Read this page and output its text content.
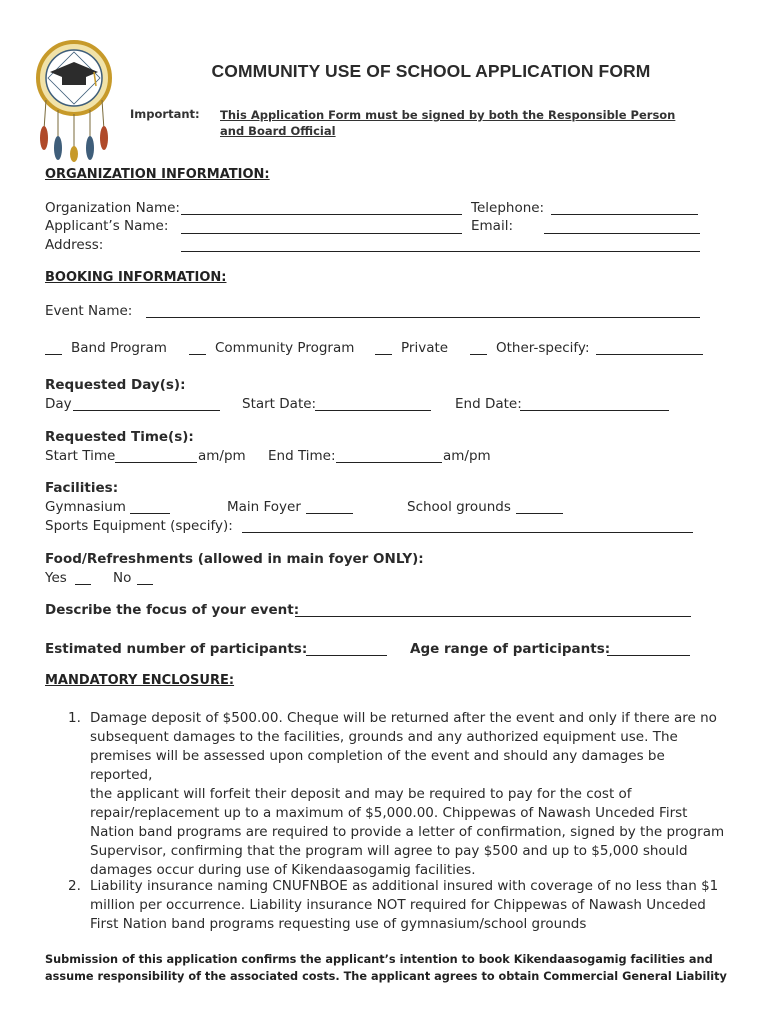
COMMUNITY USE OF SCHOOL APPLICATION FORM
Important: This Application Form must be signed by both the Responsible Person and Board Official
ORGANIZATION INFORMATION:
Organization Name:	Telephone:
Applicant’s Name:	Email:
Address:
BOOKING INFORMATION:
Event Name:
Band Program	Community Program	Private	Other-specify:
Requested Day(s):
Day	Start Date:	End Date:
Requested Time(s):
Start Time	am/pm End Time:	am/pm
Facilities:
Gymnasium	Main Foyer	School grounds
Sports Equipment (specify):
Food/Refreshments (allowed in main foyer ONLY):
Yes	No
Describe the focus of your event:
Estimated number of participants:	Age range of participants:
MANDATORY ENCLOSURE:
1. Damage deposit of $500.00. Cheque will be returned after the event and only if there are no
subsequent damages to the facilities, grounds and any authorized equipment use. The
premises will be assessed upon completion of the event and should any damages be reported,
the applicant will forfeit their deposit and may be required to pay for the cost of
repair/replacement up to a maximum of $5,000.00. Chippewas of Nawash Unceded First
Nation band programs are required to provide a letter of confirmation, signed by the program
Supervisor, confirming that the program will agree to pay $500 and up to $5,000 should
damages occur during use of Kikendaasogamig facilities.
2. Liability insurance naming CNUFNBOE as additional insured with coverage of no less than $1
million per occurrence. Liability insurance NOT required for Chippewas of Nawash Unceded
First Nation band programs requesting use of gymnasium/school grounds
Submission of this application confirms the applicant’s intention to book Kikendaasogamig facilities and
assume responsibility of the associated costs. The applicant agrees to obtain Commercial General Liability
